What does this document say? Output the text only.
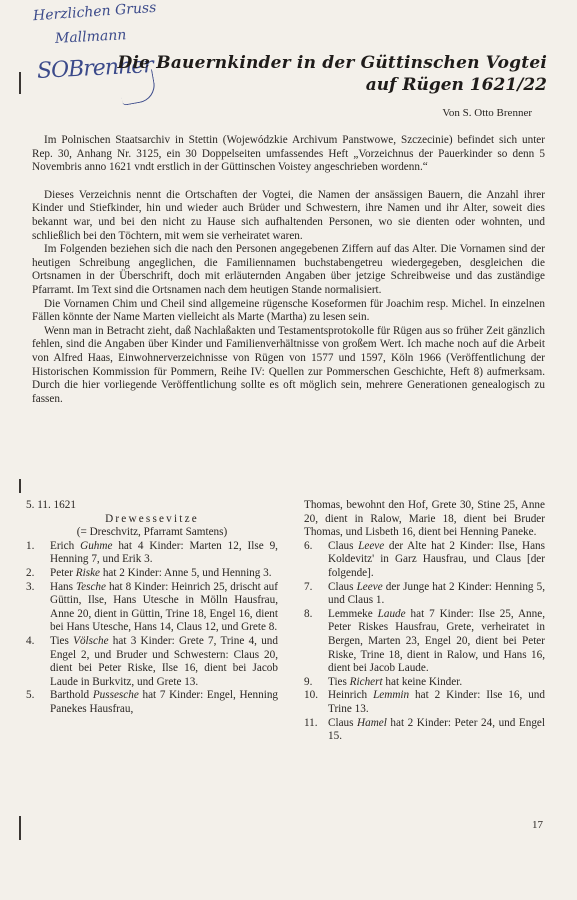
Herzlichen Gruss
Mallmann
SOBrenner
Die Bauernkinder in der Güttinschen Vogtei
auf Rügen 1621/22
Von S. Otto Brenner

Im Polnischen Staatsarchiv in Stettin (Wojewódzkie Archivum Panstwowe, Szczecinie) befindet sich unter Rep. 30, Anhang Nr. 3125, ein 30 Doppelseiten umfassendes Heft „Vorzeichnus der Pauerkinder so denn 5 Novembris anno 1621 vndt erstlich in der Güttinschen Voistey angeschrieben wordenn.“

Dieses Verzeichnis nennt die Ortschaften der Vogtei, die Namen der ansässigen Bauern, die Anzahl ihrer Kinder und Stiefkinder, hin und wieder auch Brüder und Schwestern, ihre Namen und ihr Alter, soweit dies bekannt war, und bei den nicht zu Hause sich aufhaltenden Personen, wo sie dienten oder wohnten, und schließlich bei den Töchtern, mit wem sie verheiratet waren.

Im Folgenden beziehen sich die nach den Personen angegebenen Ziffern auf das Alter. Die Vornamen sind der heutigen Schreibung angeglichen, die Familiennamen buchstabengetreu wiedergegeben, desgleichen die Ortsnamen in der Überschrift, doch mit erläuternden Angaben über jetzige Schreibweise und das zuständige Pfarramt. Im Text sind die Ortsnamen nach dem heutigen Stande normalisiert.

Die Vornamen Chim und Cheil sind allgemeine rügensche Koseformen für Joachim resp. Michel. In einzelnen Fällen könnte der Name Marten vielleicht als Marte (Martha) zu lesen sein.

Wenn man in Betracht zieht, daß Nachlaßakten und Testamentsprotokolle für Rügen aus so früher Zeit gänzlich fehlen, sind die Angaben über Kinder und Familienverhältnisse von großem Wert. Ich mache noch auf die Arbeit von Alfred Haas, Einwohnerverzeichnisse von Rügen von 1577 und 1597, Köln 1966 (Veröffentlichung der Historischen Kommission für Pommern, Reihe IV: Quellen zur Pommerschen Geschichte, Heft 8) aufmerksam. Durch die hier vorliegende Veröffentlichung sollte es oft möglich sein, mehrere Generationen genealogisch zu fassen.

5. 11. 1621

Drewessevitze

(= Dreschvitz, Pfarramt Samtens)

1.	Erich Guhme hat 4 Kinder: Marten 12, Ilse 9, Henning 7, und Erik 3.

2.	Peter Riske hat 2 Kinder: Anne 5, und Henning 3.

3.	Hans Tesche hat 8 Kinder: Heinrich 25, drischt auf Güttin, Ilse, Hans Utesche in Mölln Hausfrau, Anne 20, dient in Güttin, Trine 18, Engel 16, dient bei Hans Utesche, Hans 14, Claus 12, und Grete 8.

4.	Ties Völsche hat 3 Kinder: Grete 7, Trine 4, und Engel 2, und Bruder und Schwestern: Claus 20, dient bei Peter Riske, Ilse 16, dient bei Jacob Laude in Burkvitz, und Grete 13.

5.	Barthold Pussesche hat 7 Kinder: Engel, Henning Panekes Hausfrau,

Thomas, bewohnt den Hof, Grete 30, Stine 25, Anne 20, dient in Ralow, Marie 18, dient bei Bruder Thomas, und Lisbeth 16, dient bei Henning Paneke.

6.	Claus Leeve der Alte hat 2 Kinder: Ilse, Hans Koldevitz' in Garz Hausfrau, und Claus [der folgende].

7.	Claus Leeve der Junge hat 2 Kinder: Henning 5, und Claus 1.

8.	Lemmeke Laude hat 7 Kinder: Ilse 25, Anne, Peter Riskes Hausfrau, Grete, verheiratet in Bergen, Marten 23, Engel 20, dient bei Peter Riske, Trine 18, dient in Ralow, und Hans 16, dient bei Jacob Laude.

9.	Ties Richert hat keine Kinder.

10. Heinrich Lemmin hat 2 Kinder: Ilse 16, und Trine 13.

11. Claus Hamel hat 2 Kinder: Peter 24, und Engel 15.

17
